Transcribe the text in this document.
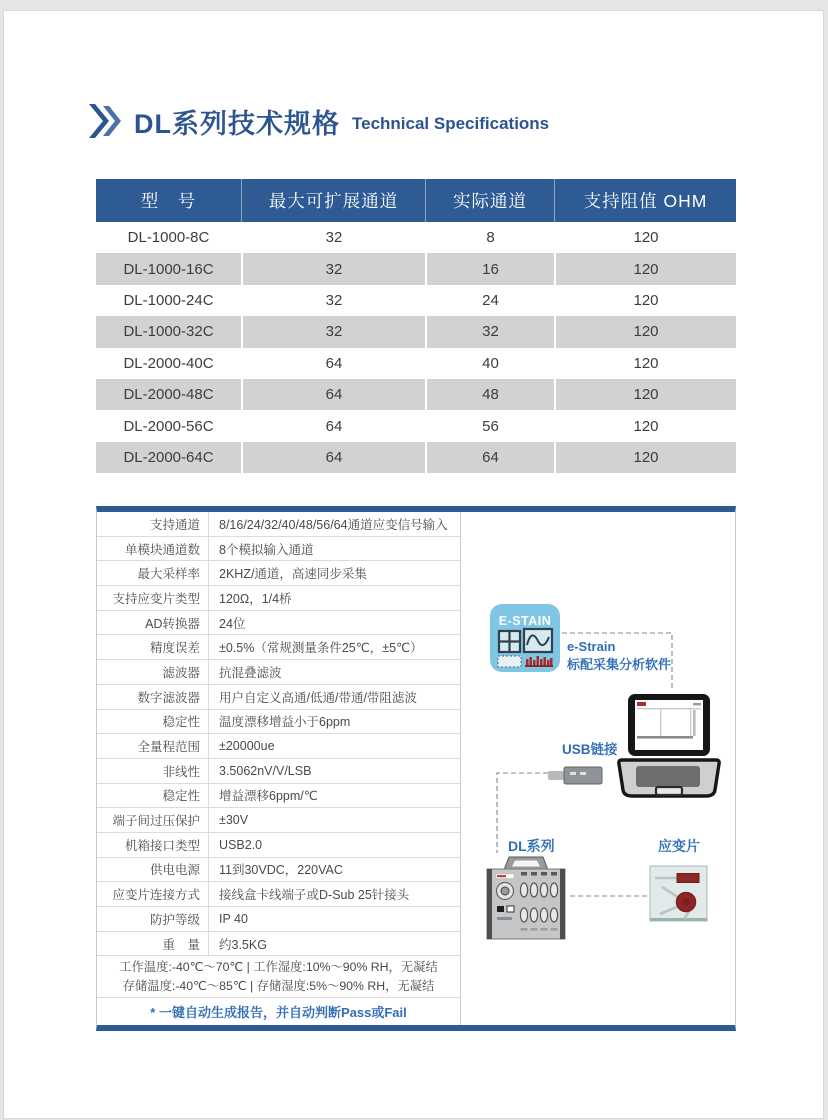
DL系列技术规格 Technical Specifications
型　号	最大可扩展通道	实际通道	支持阻值 OHM
DL-1000-8C	32	8	120
DL-1000-16C	32	16	120
DL-1000-24C	32	24	120
DL-1000-32C	32	32	120
DL-2000-40C	64	40	120
DL-2000-48C	64	48	120
DL-2000-56C	64	56	120
DL-2000-64C	64	64	120
支持通道	8/16/24/32/40/48/56/64通道应变信号输入
单模块通道数	8个模拟输入通道
最大采样率	2KHZ/通道，高速同步采集
支持应变片类型	120Ω，1/4桥
AD转换器	24位
精度误差	±0.5%（常规测量条件25℃，±5℃）
滤波器	抗混叠滤波
数字滤波器	用户自定义高通/低通/带通/带阻滤波
稳定性	温度漂移增益小于6ppm
全量程范围	±20000ue
非线性	3.5062nV/V/LSB
稳定性	增益漂移6ppm/℃
端子间过压保护	±30V
机箱接口类型	USB2.0
供电电源	11到30VDC，220VAC
应变片连接方式	接线盒卡线端子或D-Sub 25针接头
防护等级	IP 40
重　量	约3.5KG
工作温度:-40℃～70℃ | 工作湿度:10%～90% RH，无凝结
存储温度:-40℃～85℃ | 存储湿度:5%～90% RH，无凝结
* 一键自动生成报告，并自动判断Pass或Fail
E-STAIN
e-Strain
标配采集分析软件
USB链接
DL系列	应变片
